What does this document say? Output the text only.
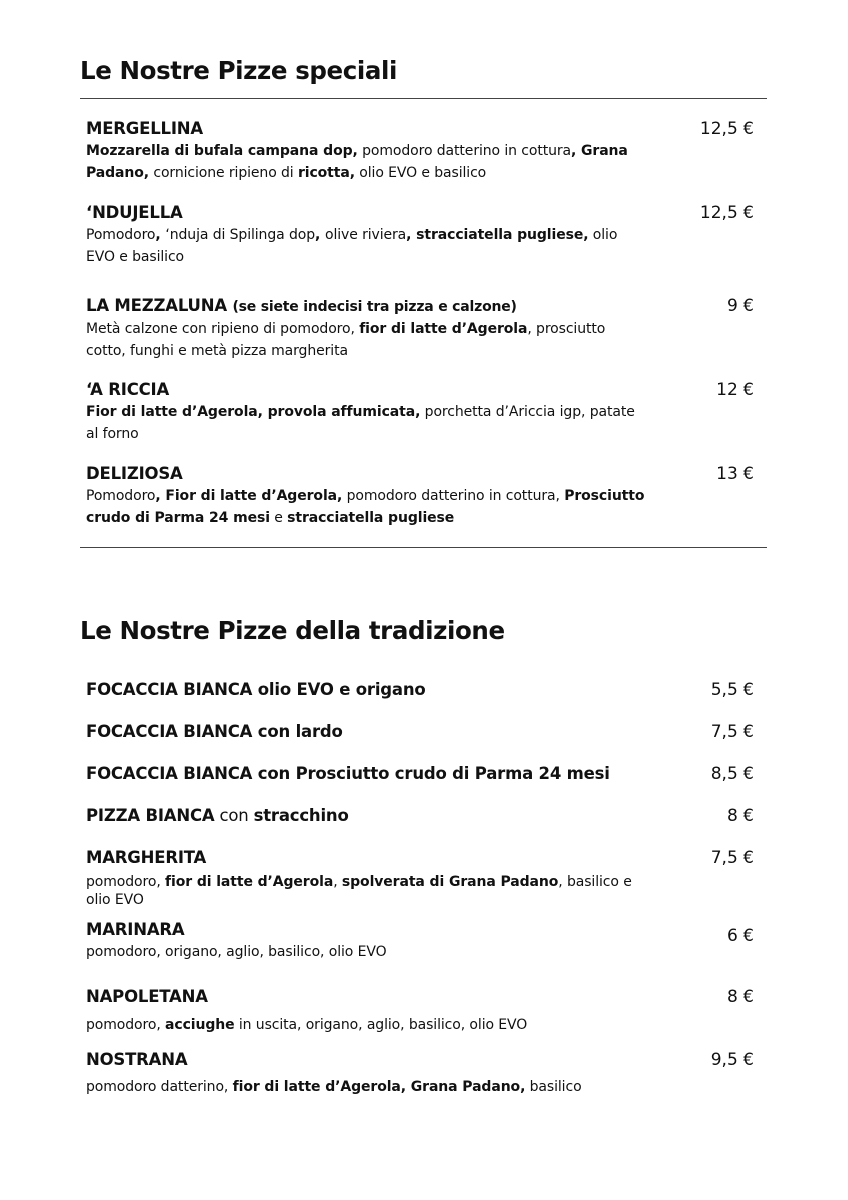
Le Nostre Pizze speciali
MERGELLINA	12,5 €
Mozzarella di bufala campana dop, pomodoro datterino in cottura, Grana Padano, cornicione ripieno di ricotta, olio EVO e basilico
‘NDUJELLA	12,5 €
Pomodoro, ‘nduja di Spilinga dop, olive riviera, stracciatella pugliese, olio EVO e basilico
LA MEZZALUNA (se siete indecisi tra pizza e calzone)	9 €
Metà calzone con ripieno di pomodoro, fior di latte d’Agerola, prosciutto cotto, funghi e metà pizza margherita
‘A RICCIA	12 €
Fior di latte d’Agerola, provola affumicata, porchetta d’Ariccia igp, patate al forno
DELIZIOSA	13 €
Pomodoro, Fior di latte d’Agerola, pomodoro datterino in cottura, Prosciutto crudo di Parma 24 mesi e stracciatella pugliese
Le Nostre Pizze della tradizione
FOCACCIA BIANCA olio EVO e origano	5,5 €
FOCACCIA BIANCA con lardo	7,5 €
FOCACCIA BIANCA con Prosciutto crudo di Parma 24 mesi	8,5 €
PIZZA BIANCA con stracchino	8 €
MARGHERITA	7,5 €
pomodoro, fior di latte d’Agerola, spolverata di Grana Padano, basilico e olio EVO
MARINARA	6 €
pomodoro, origano, aglio, basilico, olio EVO
NAPOLETANA	8 €
pomodoro, acciughe in uscita, origano, aglio, basilico, olio EVO
NOSTRANA	9,5 €
pomodoro datterino, fior di latte d’Agerola, Grana Padano, basilico
